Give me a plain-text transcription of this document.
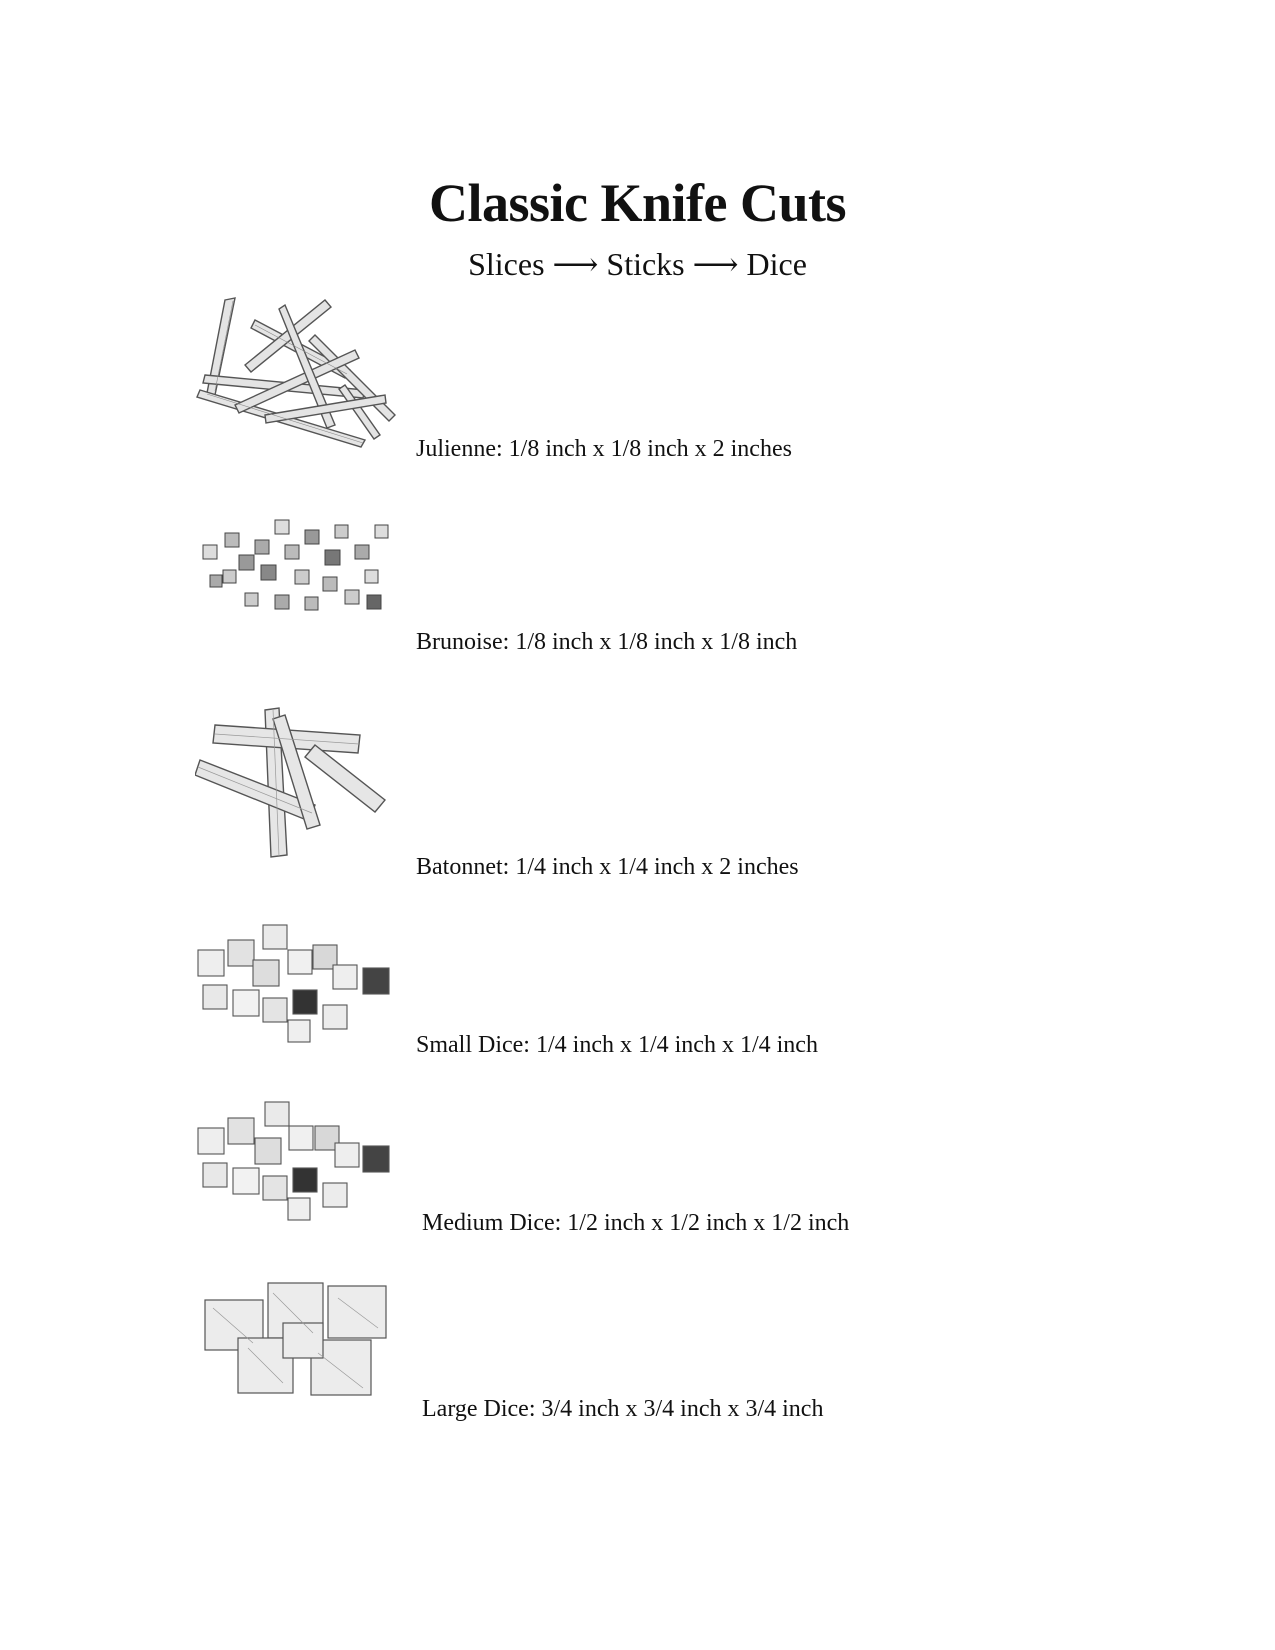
Classic Knife Cuts
Slices ⟶ Sticks ⟶ Dice

Julienne: 1/8 inch x 1/8 inch x 2 inches

Brunoise: 1/8 inch x 1/8 inch x 1/8 inch

Batonnet: 1/4 inch x 1/4 inch x 2 inches

Small Dice: 1/4 inch x 1/4 inch x 1/4 inch

Medium Dice: 1/2 inch x 1/2 inch x 1/2 inch

Large Dice: 3/4 inch x 3/4 inch x 3/4 inch
